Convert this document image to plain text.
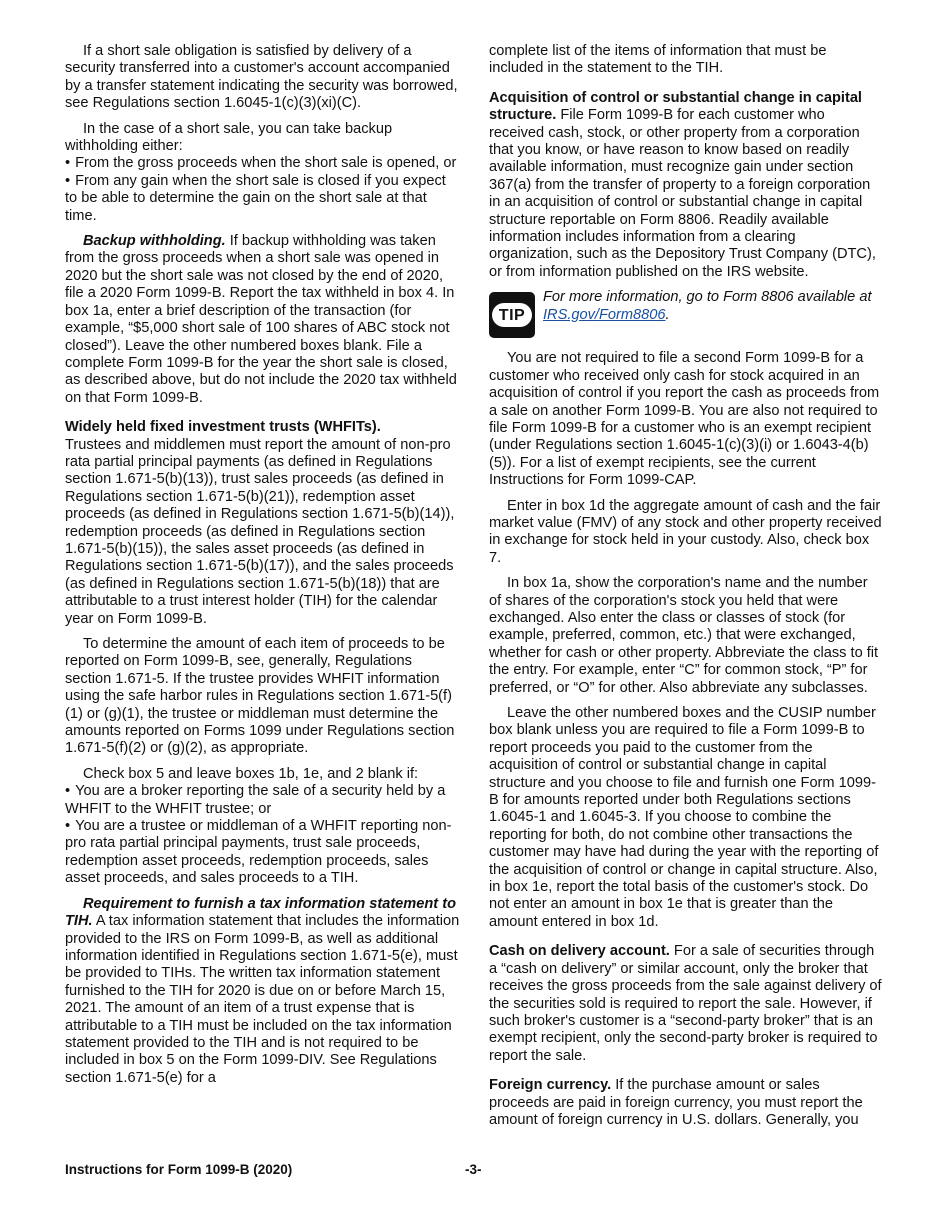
If a short sale obligation is satisfied by delivery of a security transferred into a customer's account accompanied by a transfer statement indicating the security was borrowed, see Regulations section 1.6045-1(c)(3)(xi)(C).

In the case of a short sale, you can take backup withholding either:

• From the gross proceeds when the short sale is opened, or

• From any gain when the short sale is closed if you expect to be able to determine the gain on the short sale at that time.

Backup withholding. If backup withholding was taken from the gross proceeds when a short sale was opened in 2020 but the short sale was not closed by the end of 2020, file a 2020 Form 1099-B. Report the tax withheld in box 4. In box 1a, enter a brief description of the transaction (for example, “$5,000 short sale of 100 shares of ABC stock not closed”). Leave the other numbered boxes blank. File a complete Form 1099-B for the year the short sale is closed, as described above, but do not include the 2020 tax withheld on that Form 1099-B.

Widely held fixed investment trusts (WHFITs).

Trustees and middlemen must report the amount of non-pro rata partial principal payments (as defined in Regulations section 1.671-5(b)(13)), trust sales proceeds (as defined in Regulations section 1.671-5(b)(21)), redemption asset proceeds (as defined in Regulations section 1.671-5(b)(14)), redemption proceeds (as defined in Regulations section 1.671-5(b)(15)), the sales asset proceeds (as defined in Regulations section 1.671-5(b)(17)), and the sales proceeds (as defined in Regulations section 1.671-5(b)(18)) that are attributable to a trust interest holder (TIH) for the calendar year on Form 1099-B.

To determine the amount of each item of proceeds to be reported on Form 1099-B, see, generally, Regulations section 1.671-5. If the trustee provides WHFIT information using the safe harbor rules in Regulations section 1.671-5(f)(1) or (g)(1), the trustee or middleman must determine the amounts reported on Forms 1099 under Regulations section 1.671-5(f)(2) or (g)(2), as appropriate.

Check box 5 and leave boxes 1b, 1e, and 2 blank if:

• You are a broker reporting the sale of a security held by a WHFIT to the WHFIT trustee; or

• You are a trustee or middleman of a WHFIT reporting non-pro rata partial principal payments, trust sale proceeds, redemption asset proceeds, redemption proceeds, sales asset proceeds, and sales proceeds to a TIH.

Requirement to furnish a tax information statement to TIH. A tax information statement that includes the information provided to the IRS on Form 1099-B, as well as additional information identified in Regulations section 1.671-5(e), must be provided to TIHs. The written tax information statement furnished to the TIH for 2020 is due on or before March 15, 2021. The amount of an item of a trust expense that is attributable to a TIH must be included on the tax information statement provided to the TIH and is not required to be included in box 5 on the Form 1099-DIV. See Regulations section 1.671-5(e) for a

complete list of the items of information that must be included in the statement to the TIH.

Acquisition of control or substantial change in capital structure. File Form 1099-B for each customer who received cash, stock, or other property from a corporation that you know, or have reason to know based on readily available information, must recognize gain under section 367(a) from the transfer of property to a foreign corporation in an acquisition of control or substantial change in capital structure reportable on Form 8806. Readily available information includes information from a clearing organization, such as the Depository Trust Company (DTC), or from information published on the IRS website.

TIP
For more information, go to Form 8806 available at IRS.gov/Form8806.

You are not required to file a second Form 1099-B for a customer who received only cash for stock acquired in an acquisition of control if you report the cash as proceeds from a sale on another Form 1099-B. You are also not required to file Form 1099-B for a customer who is an exempt recipient (under Regulations section 1.6045-1(c)(3)(i) or 1.6043-4(b)(5)). For a list of exempt recipients, see the current Instructions for Form 1099-CAP.

Enter in box 1d the aggregate amount of cash and the fair market value (FMV) of any stock and other property received in exchange for stock held in your custody. Also, check box 7.

In box 1a, show the corporation's name and the number of shares of the corporation's stock you held that were exchanged. Also enter the class or classes of stock (for example, preferred, common, etc.) that were exchanged, whether for cash or other property. Abbreviate the class to fit the entry. For example, enter “C” for common stock, “P” for preferred, or “O” for other. Also abbreviate any subclasses.

Leave the other numbered boxes and the CUSIP number box blank unless you are required to file a Form 1099-B to report proceeds you paid to the customer from the acquisition of control or substantial change in capital structure and you choose to file and furnish one Form 1099-B for amounts reported under both Regulations sections 1.6045-1 and 1.6045-3. If you choose to combine the reporting for both, do not combine other transactions the customer may have had during the year with the reporting of the acquisition of control or change in capital structure. Also, in box 1e, report the total basis of the customer's stock. Do not enter an amount in box 1e that is greater than the amount entered in box 1d.

Cash on delivery account. For a sale of securities through a “cash on delivery” or similar account, only the broker that receives the gross proceeds from the sale against delivery of the securities sold is required to report the sale. However, if such broker's customer is a “second-party broker” that is an exempt recipient, only the second-party broker is required to report the sale.

Foreign currency. If the purchase amount or sales proceeds are paid in foreign currency, you must report the amount of foreign currency in U.S. dollars. Generally, you

Instructions for Form 1099-B (2020)	-3-
